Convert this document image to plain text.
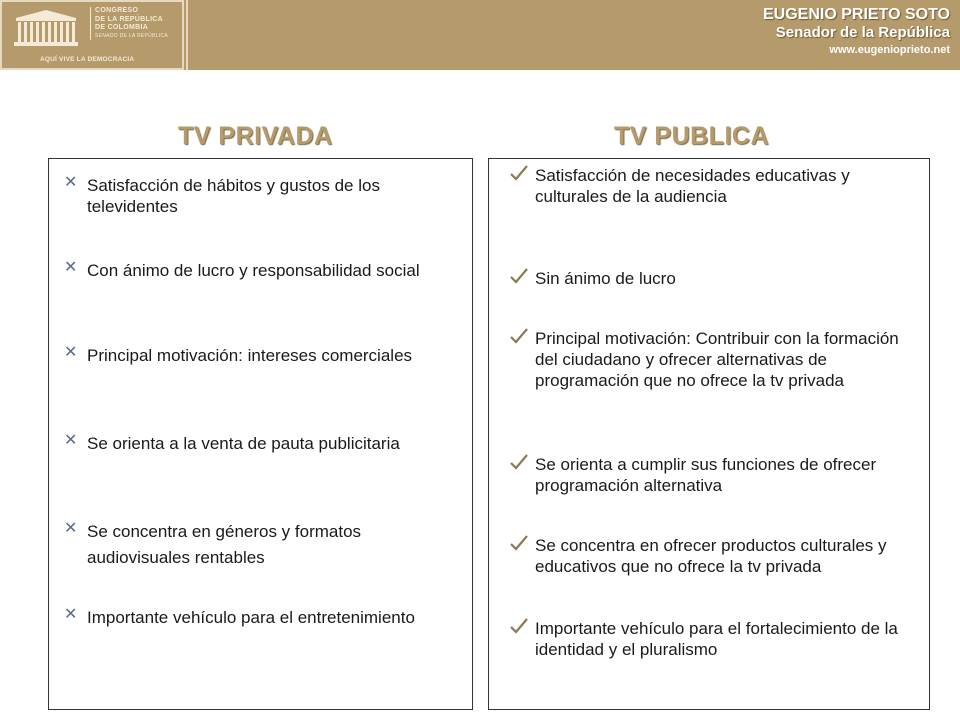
CONGRESO
DE LA REPÚBLICA
DE COLOMBIA
SENADO DE LA REPÚBLICA
AQUÍ VIVE LA DEMOCRACIA
EUGENIO PRIETO SOTO
Senador de la República
www.eugenioprieto.net
TV PRIVADA	TV PUBLICA
✕ Satisfacción de hábitos y gustos de los televidentes
✕ Con ánimo de lucro y responsabilidad social
✕ Principal motivación: intereses comerciales
✕ Se orienta a la venta de pauta publicitaria
✕ Se concentra en géneros y formatos audiovisuales rentables
✕ Importante vehículo para el entretenimiento
Satisfacción de necesidades educativas y culturales de la audiencia
Sin ánimo de lucro
Principal motivación: Contribuir con la formación del ciudadano y ofrecer alternativas de programación que no ofrece la tv privada
Se orienta a cumplir sus funciones de ofrecer programación alternativa
Se concentra en ofrecer productos culturales y educativos que no ofrece la tv privada
Importante vehículo para el fortalecimiento de la identidad y el pluralismo
